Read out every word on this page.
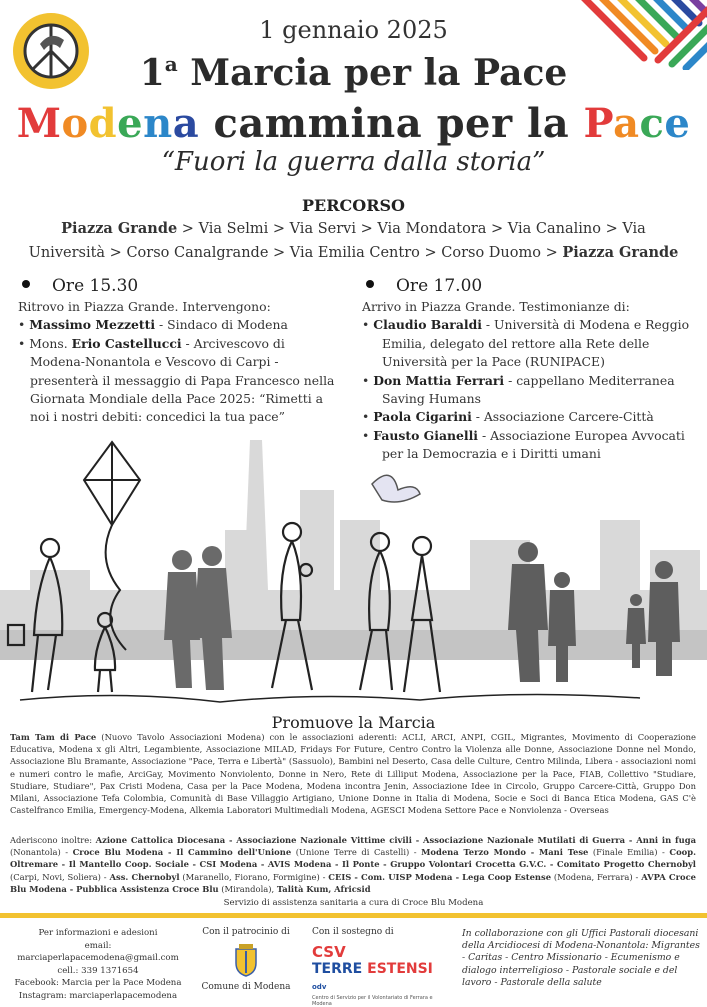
1 gennaio 2025
1$^a$ Marcia per la Pace
Modena cammina per la Pace
“Fuori la guerra dalla storia”
PERCORSO
Piazza Grande > Via Selmi > Via Servi > Via Mondatora > Via Canalino > Via
Università > Corso Canalgrande > Via Emilia Centro > Corso Duomo > Piazza Grande
Ore 15.30	Ore 17.00
Ritrovo in Piazza Grande. Intervengono:
• Massimo Mezzetti - Sindaco di Modena
• Mons. Erio Castellucci - Arcivescovo di Modena-Nonantola e Vescovo di Carpi - presenterà il messaggio di Papa Francesco nella Giornata Mondiale della Pace 2025: “Rimetti a noi i nostri debiti: concedici la tua pace”
Arrivo in Piazza Grande. Testimonianze di:
• Claudio Baraldi - Università di Modena e Reggio Emilia, delegato del rettore alla Rete delle Università per la Pace (RUNIPACE)
• Don Mattia Ferrari - cappellano Mediterranea Saving Humans
• Paola Cigarini - Associazione Carcere-Città
• Fausto Gianelli - Associazione Europea Avvocati per la Democrazia e i Diritti umani
Promuove la Marcia
Tam Tam di Pace (Nuovo Tavolo Associazioni Modena) con le associazioni aderenti: ACLI, ARCI, ANPI, CGIL, Migrantes, Movimento di Cooperazione Educativa, Modena x gli Altri, Legambiente, Associazione MILAD, Fridays For Future, Centro Contro la Violenza alle Donne, Associazione Donne nel Mondo, Associazione Blu Bramante, Associazione "Pace, Terra e Libertà" (Sassuolo), Bambini nel Deserto, Casa delle Culture, Centro Milinda, Libera - associazioni nomi e numeri contro le mafie, ArciGay, Movimento Nonviolento, Donne in Nero, Rete di Lilliput Modena, Associazione per la Pace, FIAB, Collettivo "Studiare, Studiare, Studiare", Pax Cristi Modena, Casa per la Pace Modena, Modena incontra Jenin, Associazione Idee in Circolo, Gruppo Carcere-Città, Gruppo Don Milani, Associazione Tefa Colombia, Comunità di Base Villaggio Artigiano, Unione Donne in Italia di Modena, Socie e Soci di Banca Etica Modena, GAS C'è Castelfranco Emilia, Emergency-Modena, Alkemia Laboratori Multimediali Modena, AGESCI Modena Settore Pace e Nonviolenza - Overseas
Aderiscono inoltre: Azione Cattolica Diocesana - Associazione Nazionale Vittime civili - Associazione Nazionale Mutilati di Guerra - Anni in fuga (Nonantola) - Croce Blu Modena - Il Cammino dell'Unione (Unione Terre di Castelli) - Modena Terzo Mondo - Mani Tese (Finale Emilia) - Coop. Oltremare - Il Mantello Coop. Sociale - CSI Modena - AVIS Modena - Il Ponte - Gruppo Volontari Crocetta G.V.C. - Comitato Progetto Chernobyl (Carpi, Novi, Soliera) - Ass. Chernobyl (Maranello, Fiorano, Formigine) - CEIS - Com. UISP Modena - Lega Coop Estense (Modena, Ferrara) - AVPA Croce Blu Modena - Pubblica Assistenza Croce Blu (Mirandola), Talità Kum, Africsid
Servizio di assistenza sanitaria a cura di Croce Blu Modena
Per informazioni e adesioni
email: marciaperlapacemodena@gmail.com
cell.: 339 1371654
Facebook: Marcia per la Pace Modena
Instagram: marciaperlapacemodena
Con il patrocinio di
Comune di Modena
Con il sostegno di
CSV
TERRE ESTENSI odv
Centro di Servizio per il Volontariato di Ferrara e Modena
In collaborazione con gli Uffici Pastorali diocesani della Arcidiocesi di Modena-Nonantola: Migrantes - Caritas - Centro Missionario - Ecumenismo e dialogo interreligioso - Pastorale sociale e del lavoro - Pastorale della salute
